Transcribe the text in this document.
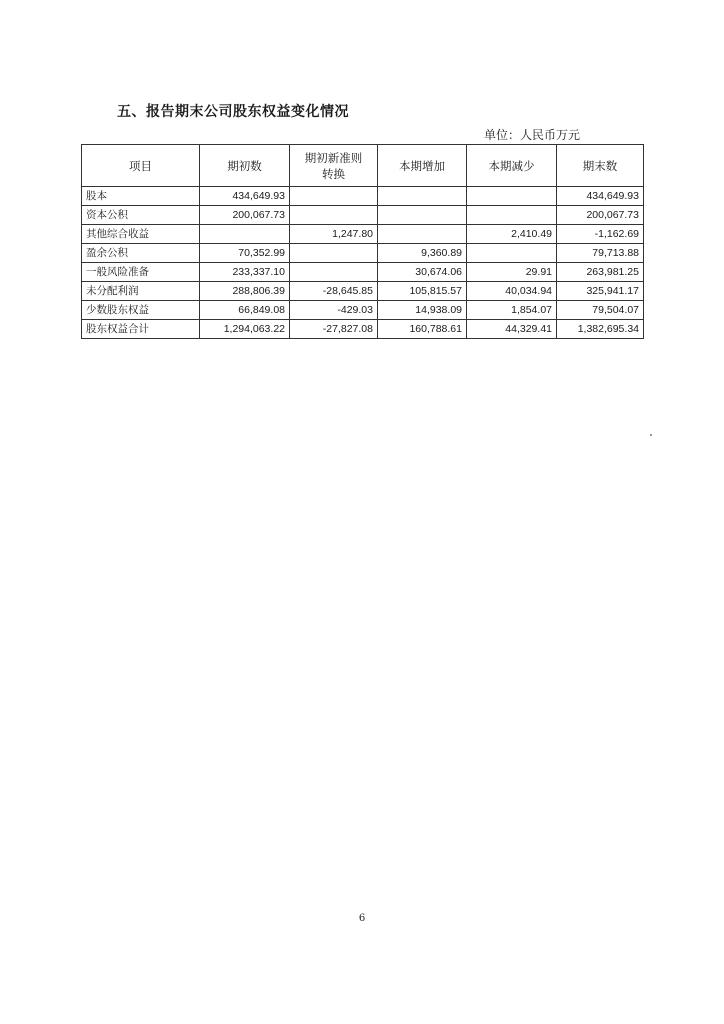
五、报告期末公司股东权益变化情况
单位：人民币万元
项目	期初数	期初新准则转换	本期增加	本期减少	期末数
股本	434,649.93				434,649.93
资本公积	200,067.73				200,067.73
其他综合收益		1,247.80		2,410.49	-1,162.69
盈余公积	70,352.99		9,360.89		79,713.88
一般风险准备	233,337.10		30,674.06	29.91	263,981.25
未分配利润	288,806.39	-28,645.85	105,815.57	40,034.94	325,941.17
少数股东权益	66,849.08	-429.03	14,938.09	1,854.07	79,504.07
股东权益合计	1,294,063.22	-27,827.08	160,788.61	44,329.41	1,382,695.34
6
